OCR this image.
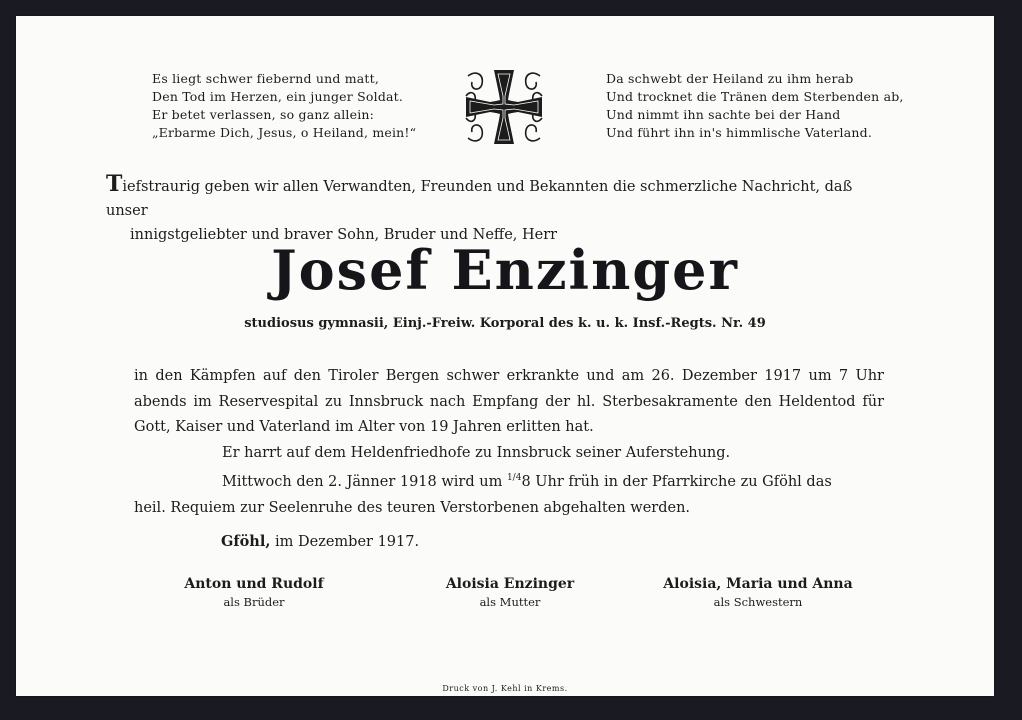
Es liegt schwer fiebernd und matt,
Den Tod im Herzen, ein junger Soldat.
Er betet verlassen, so ganz allein:
„Erbarme Dich, Jesus, o Heiland, mein!“
Da schwebt der Heiland zu ihm herab
Und trocknet die Tränen dem Sterbenden ab,
Und nimmt ihn sachte bei der Hand
Und führt ihn in's himmlische Vaterland.
Tiefstraurig geben wir allen Verwandten, Freunden und Bekannten die schmerzliche Nachricht, daß unser
innigstgeliebter und braver Sohn, Bruder und Neffe, Herr
Josef Enzinger
studiosus gymnasii, Einj.-Freiw. Korporal des k. u. k. Insf.-Regts. Nr. 49

in den Kämpfen auf den Tiroler Bergen schwer erkrankte und am 26. Dezember 1917 um 7 Uhr

abends im Reservespital zu Innsbruck nach Empfang der hl. Sterbesakramente den Heldentod für

Gott, Kaiser und Vaterland im Alter von 19 Jahren erlitten hat.

Er harrt auf dem Heldenfriedhofe zu Innsbruck seiner Auferstehung.

Mittwoch den 2. Jänner 1918 wird um $^{1/4}$8 Uhr früh in der Pfarrkirche zu Gföhl das

heil. Requiem zur Seelenruhe des teuren Verstorbenen abgehalten werden.

Gföhl, im Dezember 1917.
Anton und Rudolf
als Brüder
Aloisia Enzinger
als Mutter
Aloisia, Maria und Anna
als Schwestern
Druck von J. Kehl in Krems.
